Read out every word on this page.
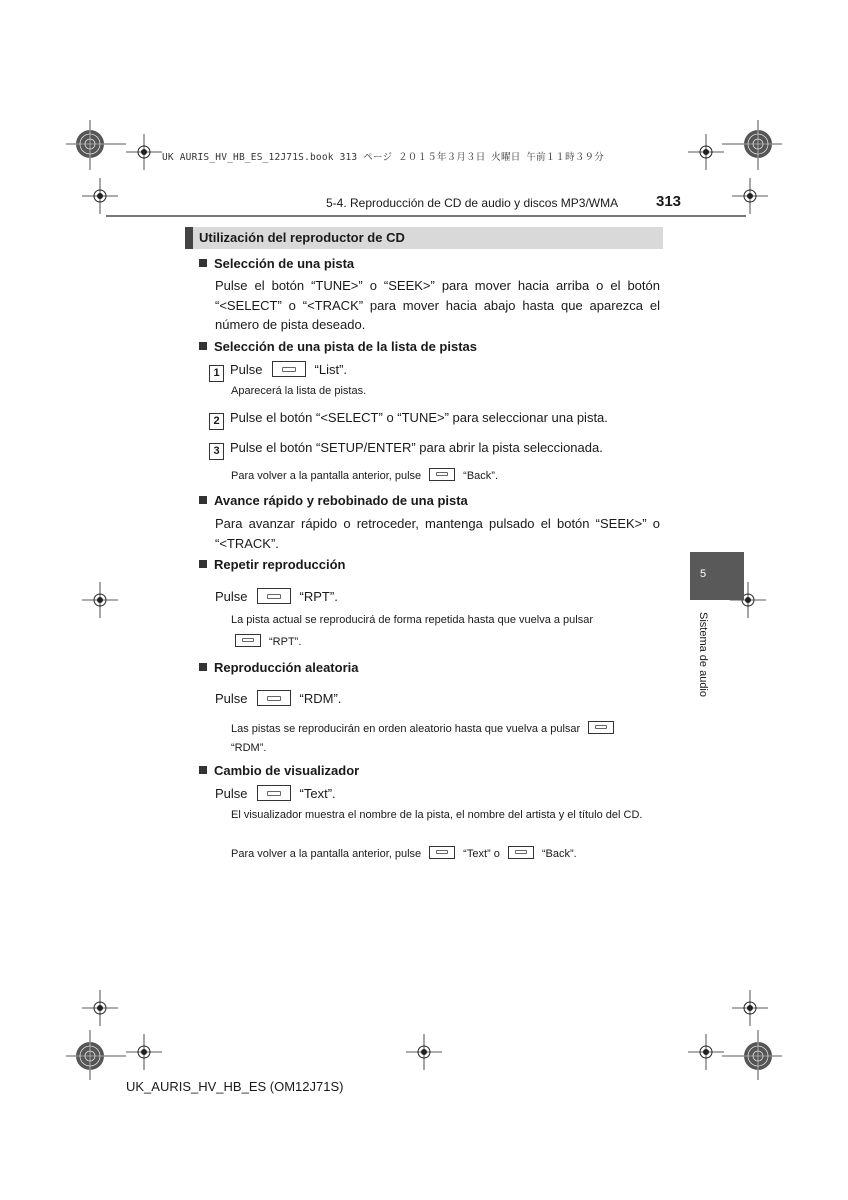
UK AURIS_HV_HB_ES_12J71S.book 313 ページ ２０１５年３月３日 火曜日 午前１１時３９分
5-4. Reproducción de CD de audio y discos MP3/WMA	313
Utilización del reproductor de CD
Selección de una pista
Pulse el botón “TUNE>” o “SEEK>” para mover hacia arriba o el botón “<SELECT” o “<TRACK” para mover hacia abajo hasta que aparezca el número de pista deseado.
Selección de una pista de la lista de pistas
1 Pulse	“List”.
Aparecerá la lista de pistas.
2 Pulse el botón “<SELECT” o “TUNE>” para seleccionar una pista.
3 Pulse el botón “SETUP/ENTER” para abrir la pista seleccionada.
Para volver a la pantalla anterior, pulse	“Back”.
Avance rápido y rebobinado de una pista
Para avanzar rápido o retroceder, mantenga pulsado el botón “SEEK>” o “<TRACK”.
Repetir reproducción
Pulse	“RPT”.
La pista actual se reproducirá de forma repetida hasta que vuelva a pulsar
“RPT”.
Reproducción aleatoria
Pulse	“RDM”.
Las pistas se reproducirán en orden aleatorio hasta que vuelva a pulsar
“RDM”.
Cambio de visualizador
Pulse	“Text”.
El visualizador muestra el nombre de la pista, el nombre del artista y el título del CD.
Para volver a la pantalla anterior, pulse	“Text” o	“Back”.
5
Sistema de audio
UK_AURIS_HV_HB_ES (OM12J71S)
